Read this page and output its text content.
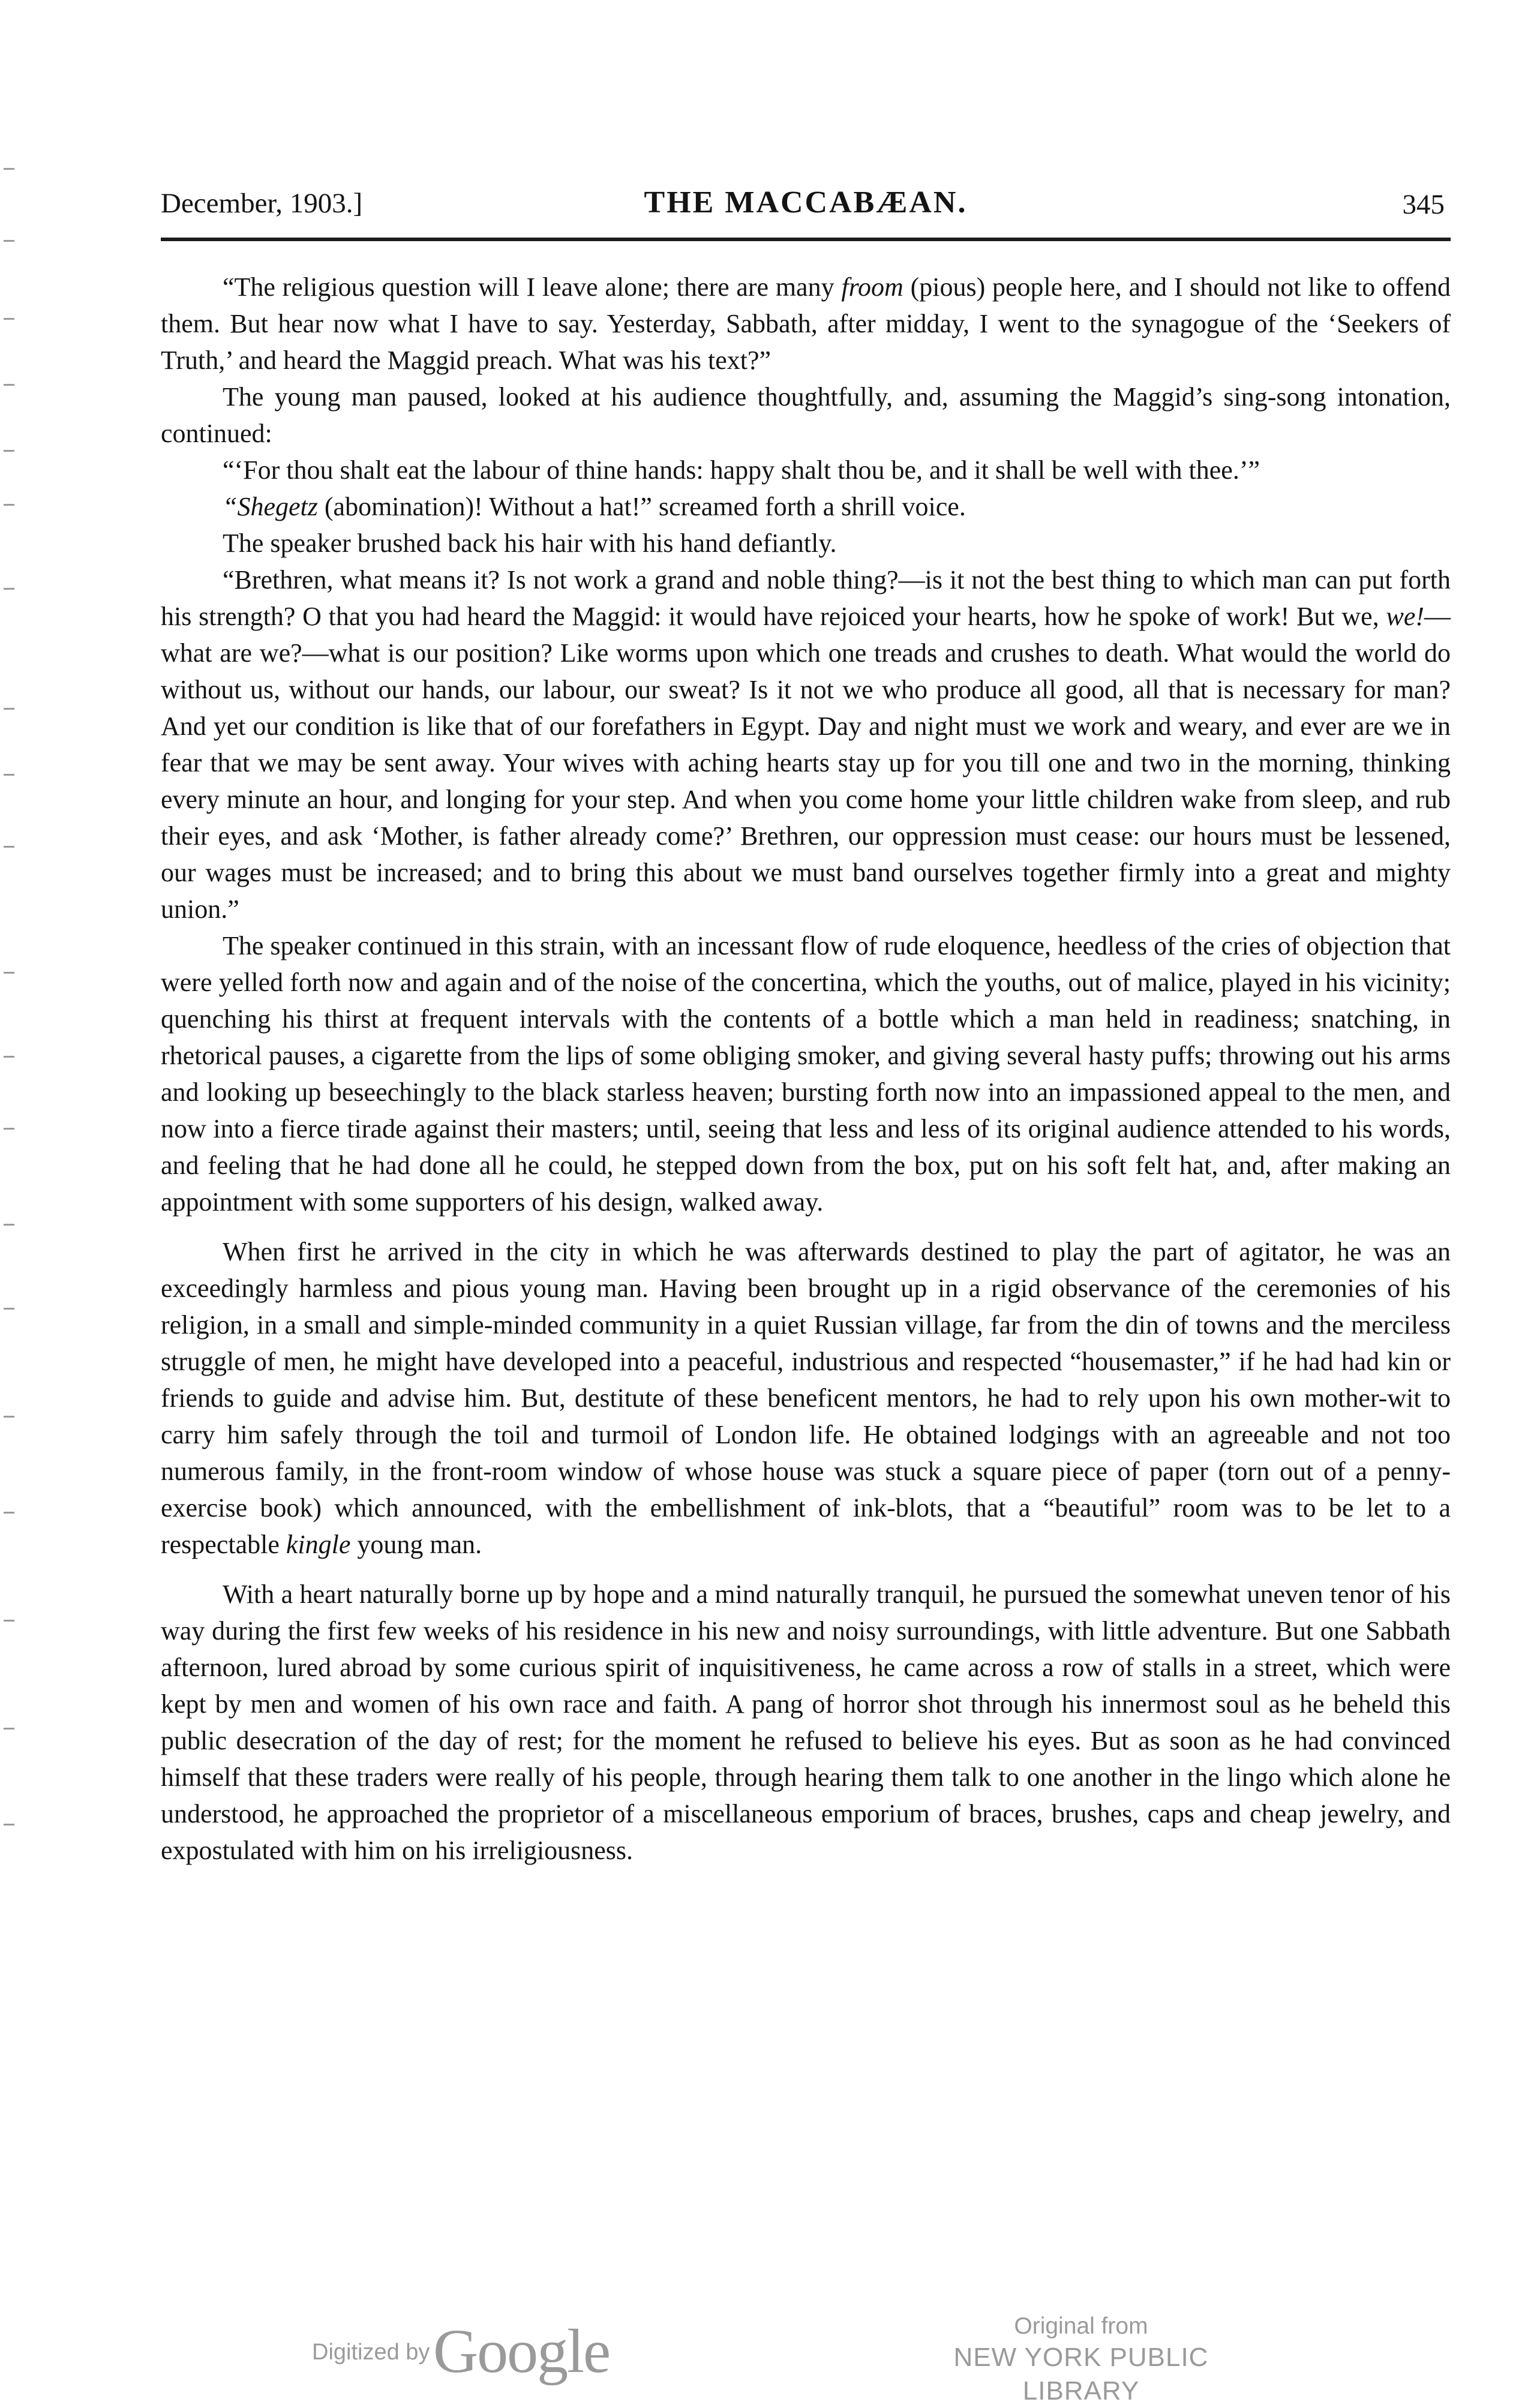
December, 1903.]	THE MACCABÆAN.	345

“The religious question will I leave alone; there are many froom (pious) people here, and I should not like to offend them. But hear now what I have to say. Yesterday, Sabbath, after midday, I went to the synagogue of the ‘Seekers of Truth,’ and heard the Maggid preach. What was his text?”

The young man paused, looked at his audience thoughtfully, and, assuming the Maggid’s sing-song intonation, continued:

“‘For thou shalt eat the labour of thine hands: happy shalt thou be, and it shall be well with thee.’”

“Shegetz (abomination)! Without a hat!” screamed forth a shrill voice.

The speaker brushed back his hair with his hand defiantly.

“Brethren, what means it? Is not work a grand and noble thing?—is it not the best thing to which man can put forth his strength? O that you had heard the Maggid: it would have rejoiced your hearts, how he spoke of work! But we, we!—what are we?—what is our position? Like worms upon which one treads and crushes to death. What would the world do without us, without our hands, our labour, our sweat? Is it not we who produce all good, all that is necessary for man? And yet our condition is like that of our forefathers in Egypt. Day and night must we work and weary, and ever are we in fear that we may be sent away. Your wives with aching hearts stay up for you till one and two in the morning, thinking every minute an hour, and longing for your step. And when you come home your little children wake from sleep, and rub their eyes, and ask ‘Mother, is father already come?’ Brethren, our oppression must cease: our hours must be lessened, our wages must be increased; and to bring this about we must band ourselves together firmly into a great and mighty union.”

The speaker continued in this strain, with an incessant flow of rude eloquence, heedless of the cries of objection that were yelled forth now and again and of the noise of the concertina, which the youths, out of malice, played in his vicinity; quenching his thirst at frequent intervals with the contents of a bottle which a man held in readiness; snatching, in rhetorical pauses, a cigarette from the lips of some obliging smoker, and giving several hasty puffs; throwing out his arms and looking up beseechingly to the black starless heaven; bursting forth now into an impassioned appeal to the men, and now into a fierce tirade against their masters; until, seeing that less and less of its original audience attended to his words, and feeling that he had done all he could, he stepped down from the box, put on his soft felt hat, and, after making an appointment with some supporters of his design, walked away.

When first he arrived in the city in which he was afterwards destined to play the part of agitator, he was an exceedingly harmless and pious young man. Having been brought up in a rigid observance of the ceremonies of his religion, in a small and simple-minded community in a quiet Russian village, far from the din of towns and the merciless struggle of men, he might have developed into a peaceful, industrious and respected “housemaster,” if he had had kin or friends to guide and advise him. But, destitute of these beneficent mentors, he had to rely upon his own mother-wit to carry him safely through the toil and turmoil of London life. He obtained lodgings with an agreeable and not too numerous family, in the front-room window of whose house was stuck a square piece of paper (torn out of a penny-exercise book) which announced, with the embellishment of ink-blots, that a “beautiful” room was to be let to a respectable kingle young man.

With a heart naturally borne up by hope and a mind naturally tranquil, he pursued the somewhat uneven tenor of his way during the first few weeks of his residence in his new and noisy surroundings, with little adventure. But one Sabbath afternoon, lured abroad by some curious spirit of inquisitiveness, he came across a row of stalls in a street, which were kept by men and women of his own race and faith. A pang of horror shot through his innermost soul as he beheld this public desecration of the day of rest; for the moment he refused to believe his eyes. But as soon as he had convinced himself that these traders were really of his people, through hearing them talk to one another in the lingo which alone he understood, he approached the proprietor of a miscellaneous emporium of braces, brushes, caps and cheap jewelry, and expostulated with him on his irreligiousness.

Digitized by Google	Original from
NEW YORK PUBLIC LIBRARY
